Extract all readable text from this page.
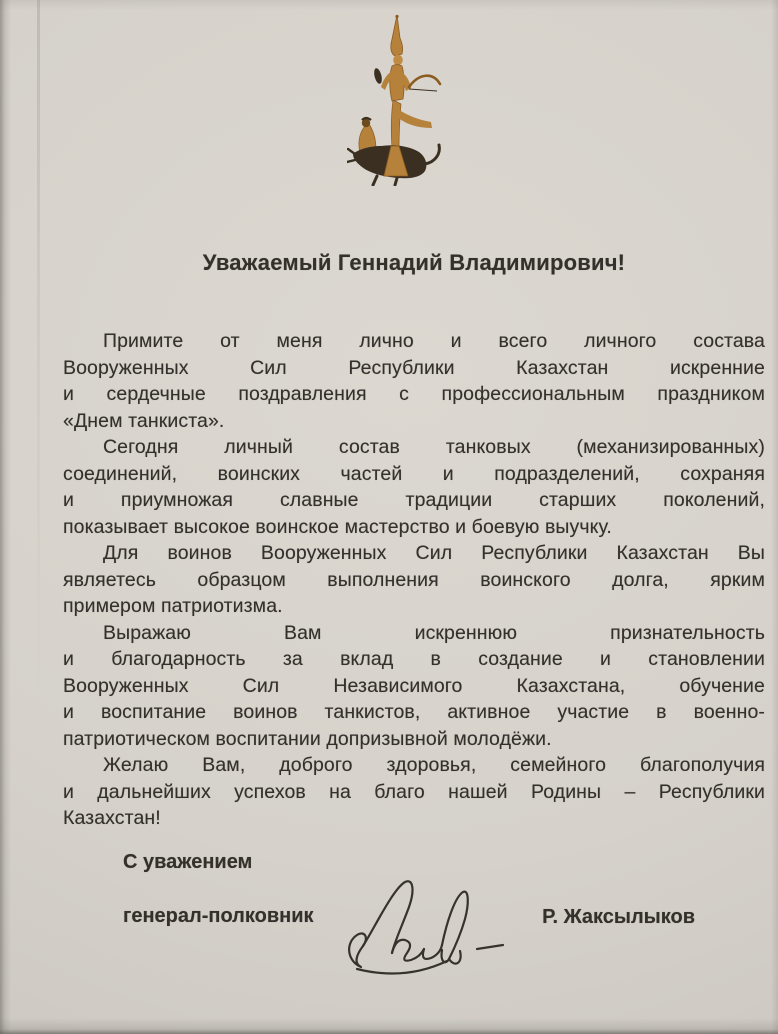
Уважаемый Геннадий Владимирович!
Примите от меня лично и всего личного состава
Вооруженных Сил Республики Казахстан искренние
и сердечные поздравления с профессиональным праздником
«Днем танкиста».
Сегодня личный состав танковых (механизированных)
соединений, воинских частей и подразделений, сохраняя
и приумножая славные традиции старших поколений,
показывает высокое воинское мастерство и боевую выучку.
Для воинов Вооруженных Сил Республики Казахстан Вы
являетесь образцом выполнения воинского долга, ярким
примером патриотизма.
Выражаю Вам искреннюю признательность
и благодарность за вклад в создание и становлении
Вооруженных Сил Независимого Казахстана, обучение
и воспитание воинов танкистов, активное участие в военно-
патриотическом воспитании допризывной молодёжи.
Желаю Вам, доброго здоровья, семейного благополучия
и дальнейших успехов на благо нашей Родины – Республики
Казахстан!
С уважением
генерал-полковник	Р. Жаксылыков
